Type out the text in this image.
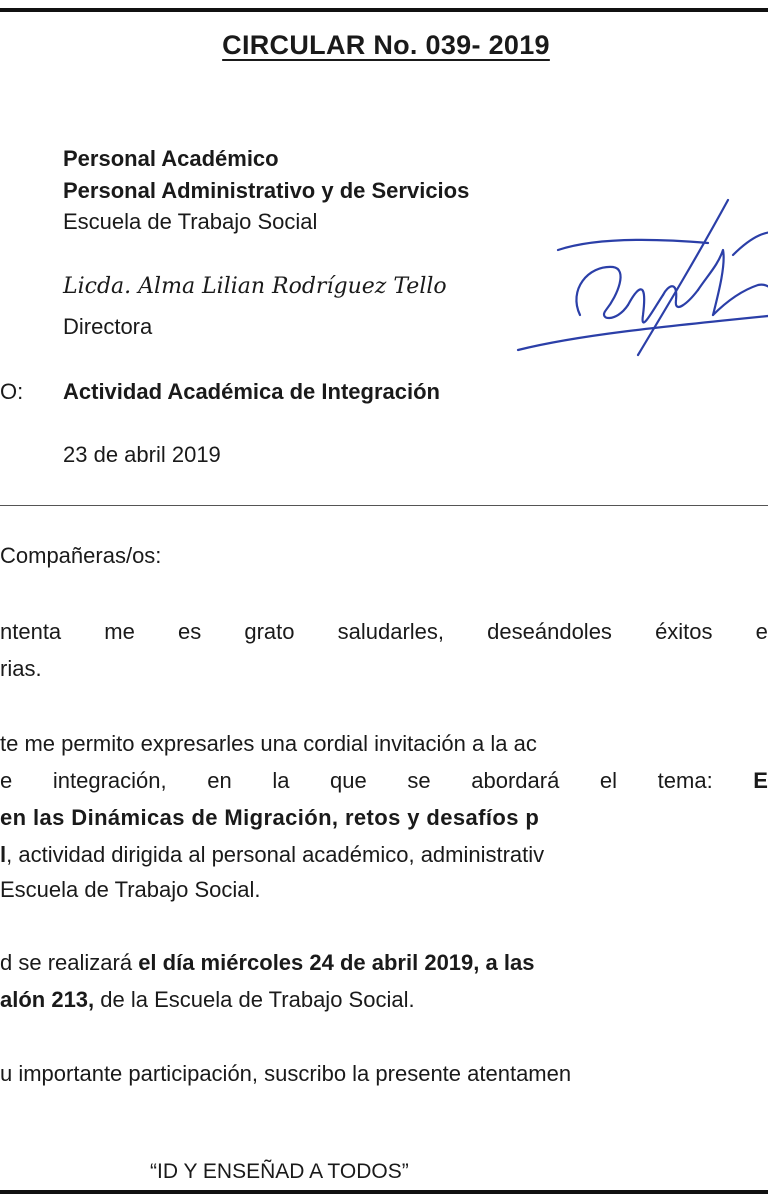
CIRCULAR No. 039- 2019
Personal Académico
Personal Administrativo y de Servicios
Escuela de Trabajo Social
Licda. Alma Lilian Rodríguez Tello
Directora
O: Actividad Académica de Integración
23 de abril 2019
Compañeras/os:
ntenta me es grato saludarles, deseándoles éxitos e
rias.
te me permito expresarles una cordial invitación a la ac
e integración, en la que se abordará el tema: E
en las Dinámicas de Migración, retos y desafíos p
l, actividad dirigida al personal académico, administrativ
Escuela de Trabajo Social.
d se realizará el día miércoles 24 de abril 2019, a las
alón 213, de la Escuela de Trabajo Social.
u importante participación, suscribo la presente atentamen
“ID Y ENSEÑAD A TODOS”
